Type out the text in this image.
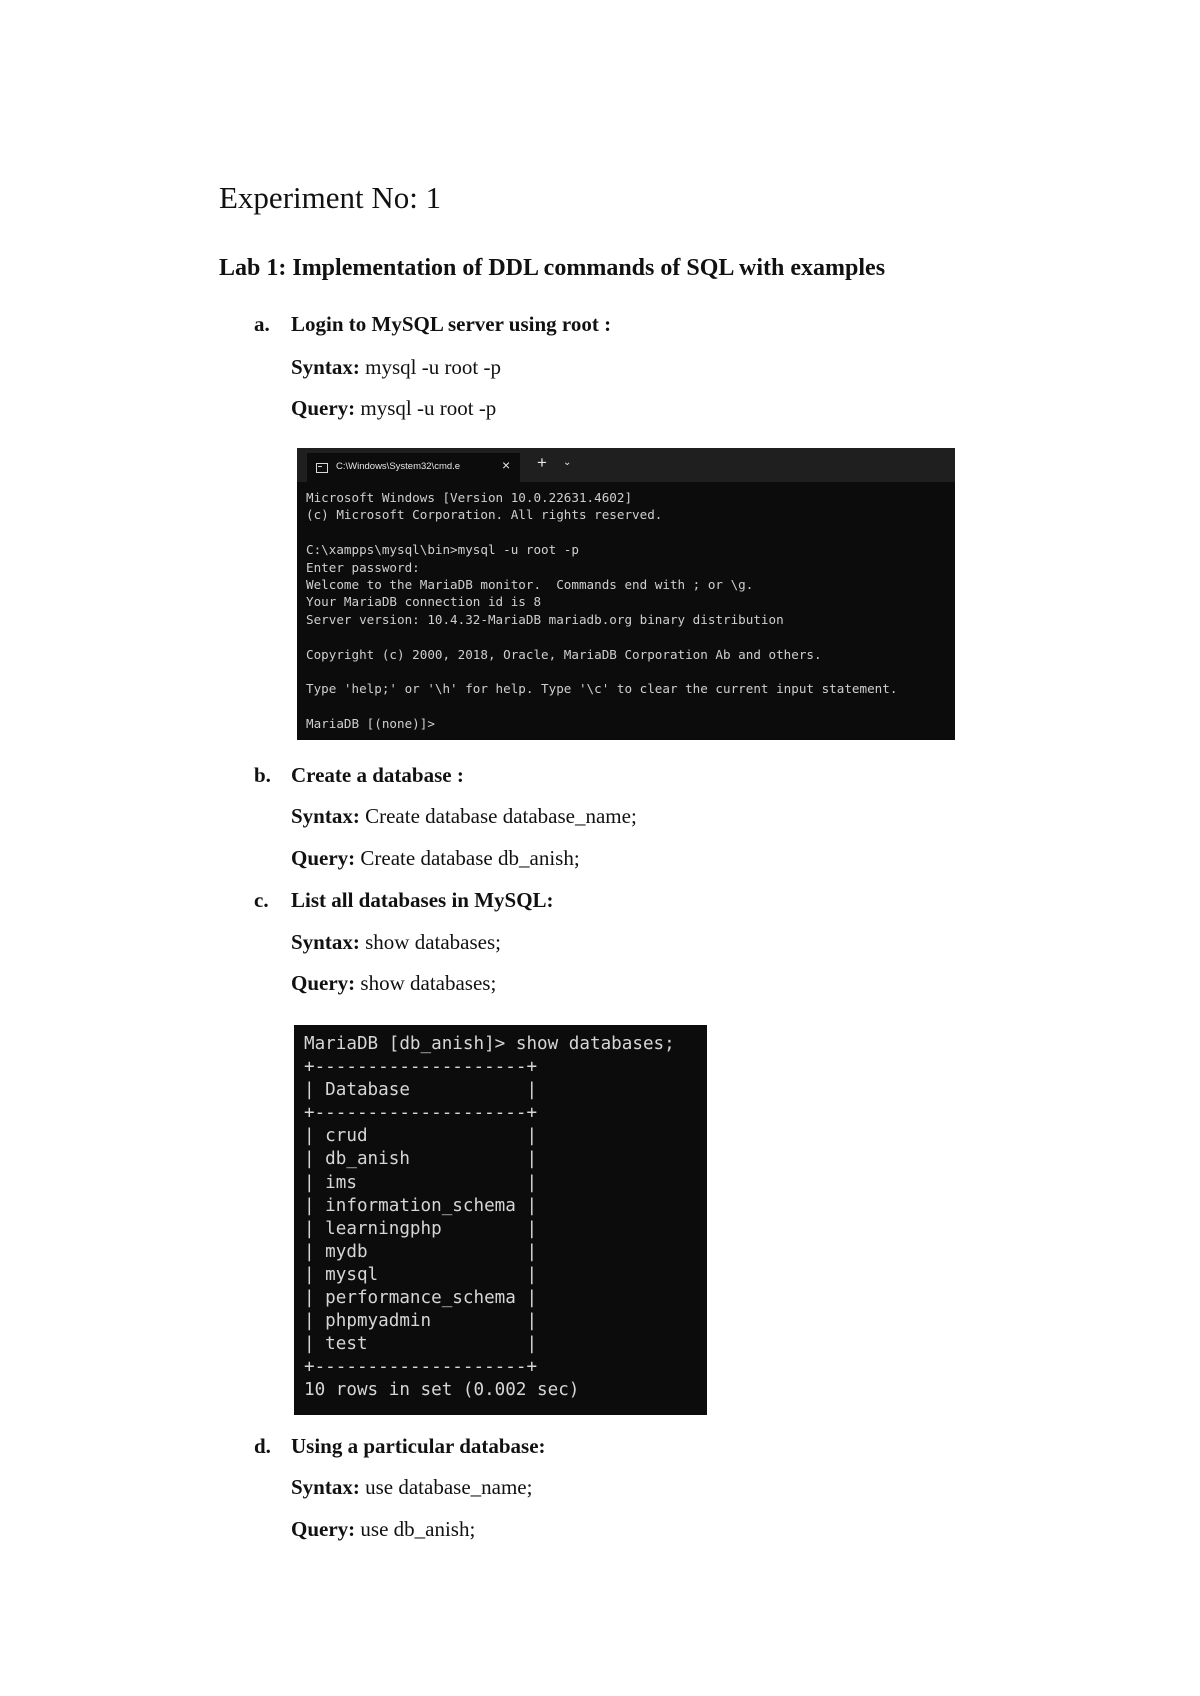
Experiment No: 1
Lab 1: Implementation of DDL commands of SQL with examples
a. Login to MySQL server using root :
Syntax: mysql -u root -p
Query: mysql -u root -p
C:\Windows\System32\cmd.e	× + ⌄
Microsoft Windows [Version 10.0.22631.4602]
(c) Microsoft Corporation. All rights reserved.
C:\xampps\mysql\bin>mysql -u root -p
Enter password:
Welcome to the MariaDB monitor.  Commands end with ; or \g.
Your MariaDB connection id is 8
Server version: 10.4.32-MariaDB mariadb.org binary distribution
Copyright (c) 2000, 2018, Oracle, MariaDB Corporation Ab and others.
Type 'help;' or '\h' for help. Type '\c' to clear the current input statement.
MariaDB [(none)]>
b. Create a database :
Syntax: Create database database_name;
Query: Create database db_anish;
c. List all databases in MySQL:
Syntax: show databases;
Query: show databases;
MariaDB [db_anish]> show databases;
+--------------------+
| Database           |
+--------------------+
| crud               |
| db_anish           |
| ims                |
| information_schema |
| learningphp        |
| mydb               |
| mysql              |
| performance_schema |
| phpmyadmin         |
| test               |
+--------------------+
10 rows in set (0.002 sec)
d. Using a particular database:
Syntax: use database_name;
Query: use db_anish;
